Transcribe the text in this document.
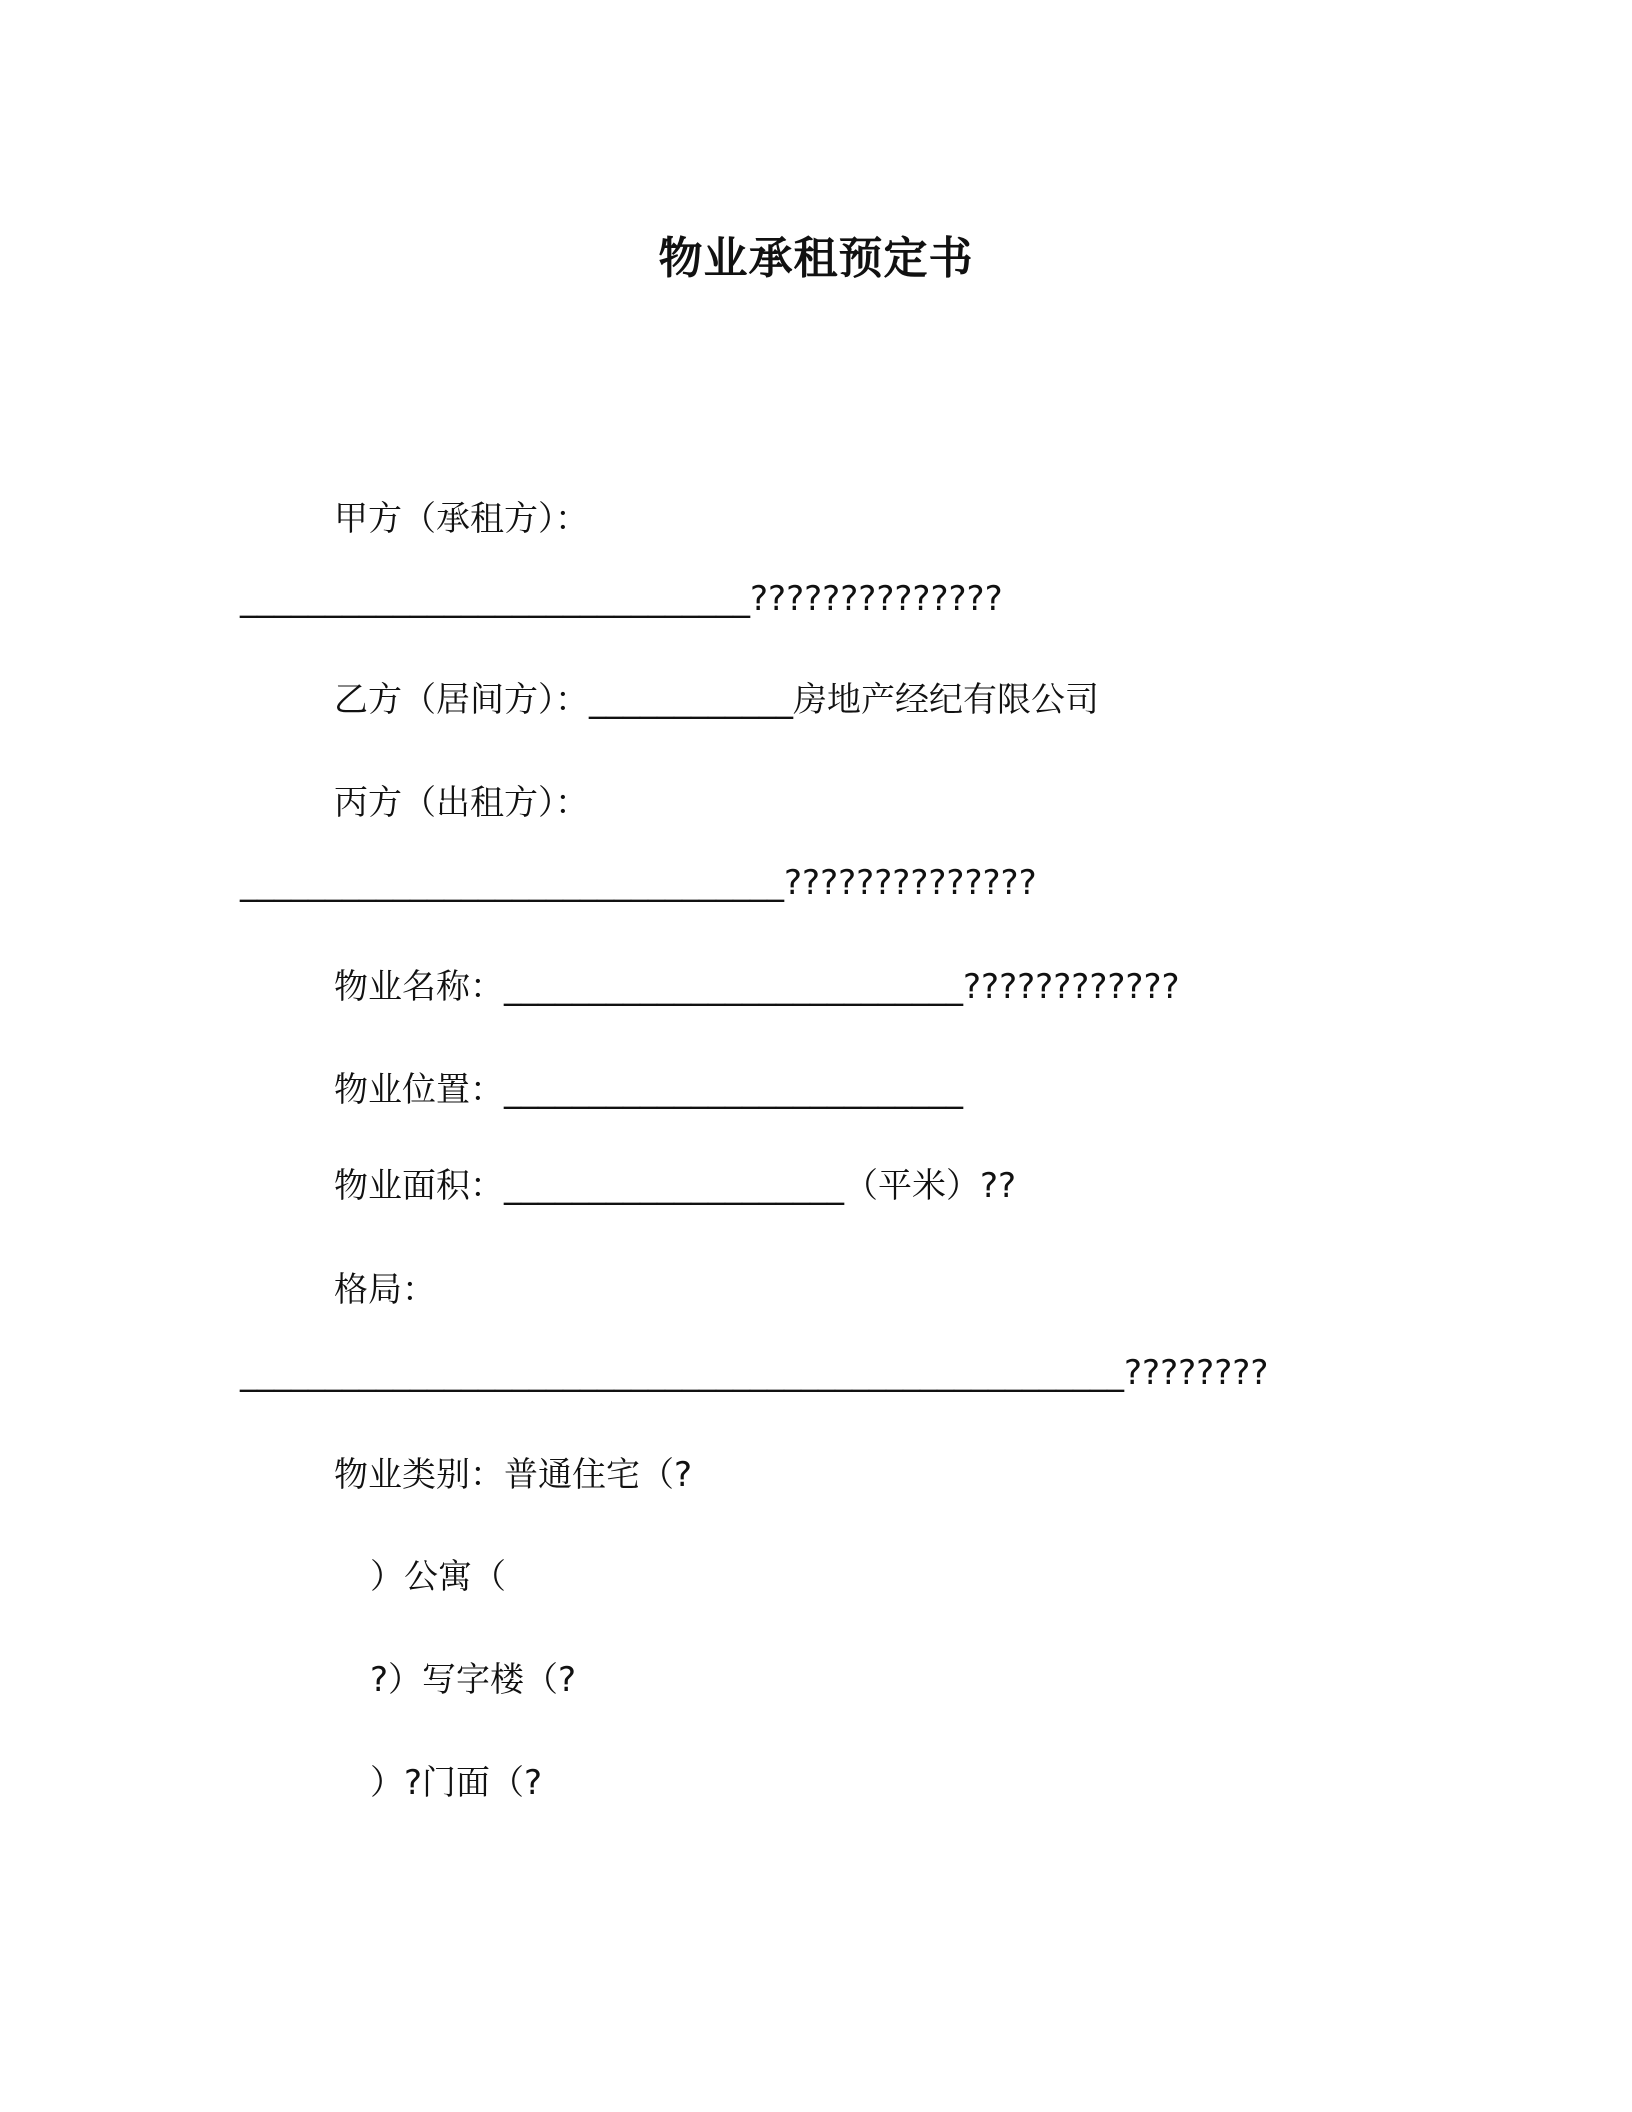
物业承租预定书
甲方（承租方）：
______________________________??????????????
乙方（居间方）：____________房地产经纪有限公司
丙方（出租方）：
________________________________??????????????
物业名称：___________________________????????????
物业位置：___________________________
物业面积：____________________（平米）??
格局：
____________________________________________________????????
物业类别：普通住宅（?
）公寓（
?）写字楼（?
）?门面（?
